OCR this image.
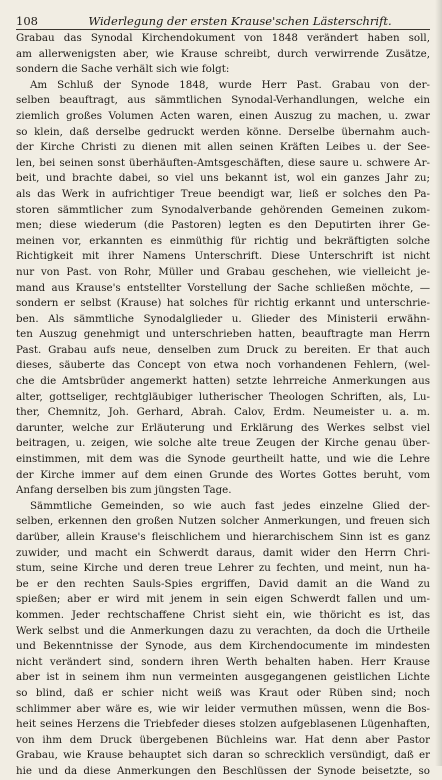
108	Widerlegung der ersten Krause'schen Lästerschrift.
Grabau das Synodal Kirchendokument von 1848 verändert haben soll,
am allerwenigsten aber, wie Krause schreibt, durch verwirrende Zusätze,
sondern die Sache verhält sich wie folgt:
Am Schluß der Synode 1848, wurde Herr Past. Grabau von der-
selben beauftragt, aus sämmtlichen Synodal-Verhandlungen, welche ein
ziemlich großes Volumen Acten waren, einen Auszug zu machen, u. zwar
so klein, daß derselbe gedruckt werden könne. Derselbe übernahm auch-
der Kirche Christi zu dienen mit allen seinen Kräften Leibes u. der See-
len, bei seinen sonst überhäuften-Amtsgeschäften, diese saure u. schwere Ar-
beit, und brachte dabei, so viel uns bekannt ist, wol ein ganzes Jahr zu;
als das Werk in aufrichtiger Treue beendigt war, ließ er solches den Pa-
storen sämmtlicher zum Synodalverbande gehörenden Gemeinen zukom-
men; diese wiederum (die Pastoren) legten es den Deputirten ihrer Ge-
meinen vor, erkannten es einmüthig für richtig und bekräftigten solche
Richtigkeit mit ihrer Namens Unterschrift. Diese Unterschrift ist nicht
nur von Past. von Rohr, Müller und Grabau geschehen, wie vielleicht je-
mand aus Krause's entstellter Vorstellung der Sache schließen möchte, —
sondern er selbst (Krause) hat solches für richtig erkannt und unterschrie-
ben. Als sämmtliche Synodalglieder u. Glieder des Ministerii erwähn-
ten Auszug genehmigt und unterschrieben hatten, beauftragte man Herrn
Past. Grabau aufs neue, denselben zum Druck zu bereiten. Er that auch
dieses, säuberte das Concept von etwa noch vorhandenen Fehlern, (wel-
che die Amtsbrüder angemerkt hatten) setzte lehrreiche Anmerkungen aus
alter, gottseliger, rechtgläubiger lutherischer Theologen Schriften, als, Lu-
ther, Chemnitz, Joh. Gerhard, Abrah. Calov, Erdm. Neumeister u. a. m.
darunter, welche zur Erläuterung und Erklärung des Werkes selbst viel
beitragen, u. zeigen, wie solche alte treue Zeugen der Kirche genau über-
einstimmen, mit dem was die Synode geurtheilt hatte, und wie die Lehre
der Kirche immer auf dem einen Grunde des Wortes Gottes beruht, vom
Anfang derselben bis zum jüngsten Tage.
Sämmtliche Gemeinden, so wie auch fast jedes einzelne Glied der-
selben, erkennen den großen Nutzen solcher Anmerkungen, und freuen sich
darüber, allein Krause's fleischlichem und hierarchischem Sinn ist es ganz
zuwider, und macht ein Schwerdt daraus, damit wider den Herrn Chri-
stum, seine Kirche und deren treue Lehrer zu fechten, und meint, nun ha-
be er den rechten Sauls-Spies ergriffen, David damit an die Wand zu
spießen; aber er wird mit jenem in sein eigen Schwerdt fallen und um-
kommen. Jeder rechtschaffene Christ sieht ein, wie thöricht es ist, das
Werk selbst und die Anmerkungen dazu zu verachten, da doch die Urtheile
und Bekenntnisse der Synode, aus dem Kirchendocumente im mindesten
nicht verändert sind, sondern ihren Werth behalten haben. Herr Krause
aber ist in seinem ihm nun vermeinten ausgegangenen geistlichen Lichte
so blind, daß er schier nicht weiß was Kraut oder Rüben sind; noch
schlimmer aber wäre es, wie wir leider vermuthen müssen, wenn die Bos-
heit seines Herzens die Triebfeder dieses stolzen aufgeblasenen Lügenhaften,
von ihm dem Druck übergebenen Büchleins war. Hat denn aber Pastor
Grabau, wie Krause behauptet sich daran so schrecklich versündigt, daß er
hie und da diese Anmerkungen den Beschlüssen der Synode beisetzte, so
